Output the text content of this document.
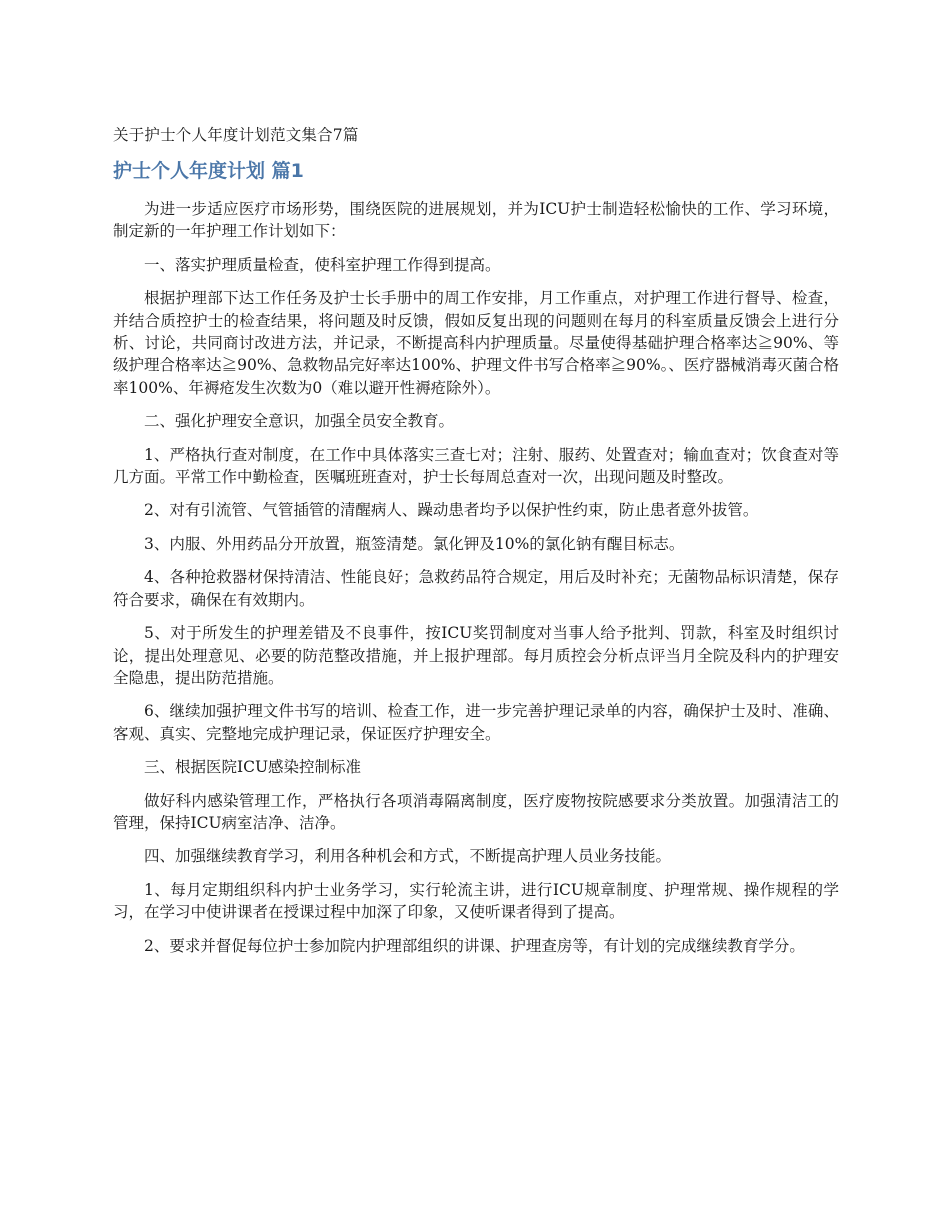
关于护士个人年度计划范文集合7篇
护士个人年度计划 篇1

为进一步适应医疗市场形势，围绕医院的进展规划，并为ICU护士制造轻松愉快的工作、学习环境，制定新的一年护理工作计划如下：

一、落实护理质量检查，使科室护理工作得到提高。

根据护理部下达工作任务及护士长手册中的周工作安排，月工作重点，对护理工作进行督导、检查，并结合质控护士的检查结果，将问题及时反馈，假如反复出现的问题则在每月的科室质量反馈会上进行分析、讨论，共同商讨改进方法，并记录，不断提高科内护理质量。尽量使得基础护理合格率达≧90%、等级护理合格率达≧90%、急救物品完好率达100%、护理文件书写合格率≧90%。、医疗器械消毒灭菌合格率100%、年褥疮发生次数为0（难以避开性褥疮除外）。

二、强化护理安全意识，加强全员安全教育。

1、严格执行查对制度，在工作中具体落实三查七对；注射、服药、处置查对；输血查对；饮食查对等几方面。平常工作中勤检查，医嘱班班查对，护士长每周总查对一次，出现问题及时整改。

2、对有引流管、气管插管的清醒病人、躁动患者均予以保护性约束，防止患者意外拔管。

3、内服、外用药品分开放置，瓶签清楚。氯化钾及10%的氯化钠有醒目标志。

4、各种抢救器材保持清洁、性能良好；急救药品符合规定，用后及时补充；无菌物品标识清楚，保存符合要求，确保在有效期内。

5、对于所发生的护理差错及不良事件，按ICU奖罚制度对当事人给予批判、罚款，科室及时组织讨论，提出处理意见、必要的防范整改措施，并上报护理部。每月质控会分析点评当月全院及科内的护理安全隐患，提出防范措施。

6、继续加强护理文件书写的培训、检查工作，进一步完善护理记录单的内容，确保护士及时、准确、客观、真实、完整地完成护理记录，保证医疗护理安全。

三、根据医院ICU感染控制标准

做好科内感染管理工作，严格执行各项消毒隔离制度，医疗废物按院感要求分类放置。加强清洁工的管理，保持ICU病室洁净、洁净。

四、加强继续教育学习，利用各种机会和方式，不断提高护理人员业务技能。

1、每月定期组织科内护士业务学习，实行轮流主讲，进行ICU规章制度、护理常规、操作规程的学习，在学习中使讲课者在授课过程中加深了印象，又使听课者得到了提高。

2、要求并督促每位护士参加院内护理部组织的讲课、护理查房等，有计划的完成继续教育学分。
